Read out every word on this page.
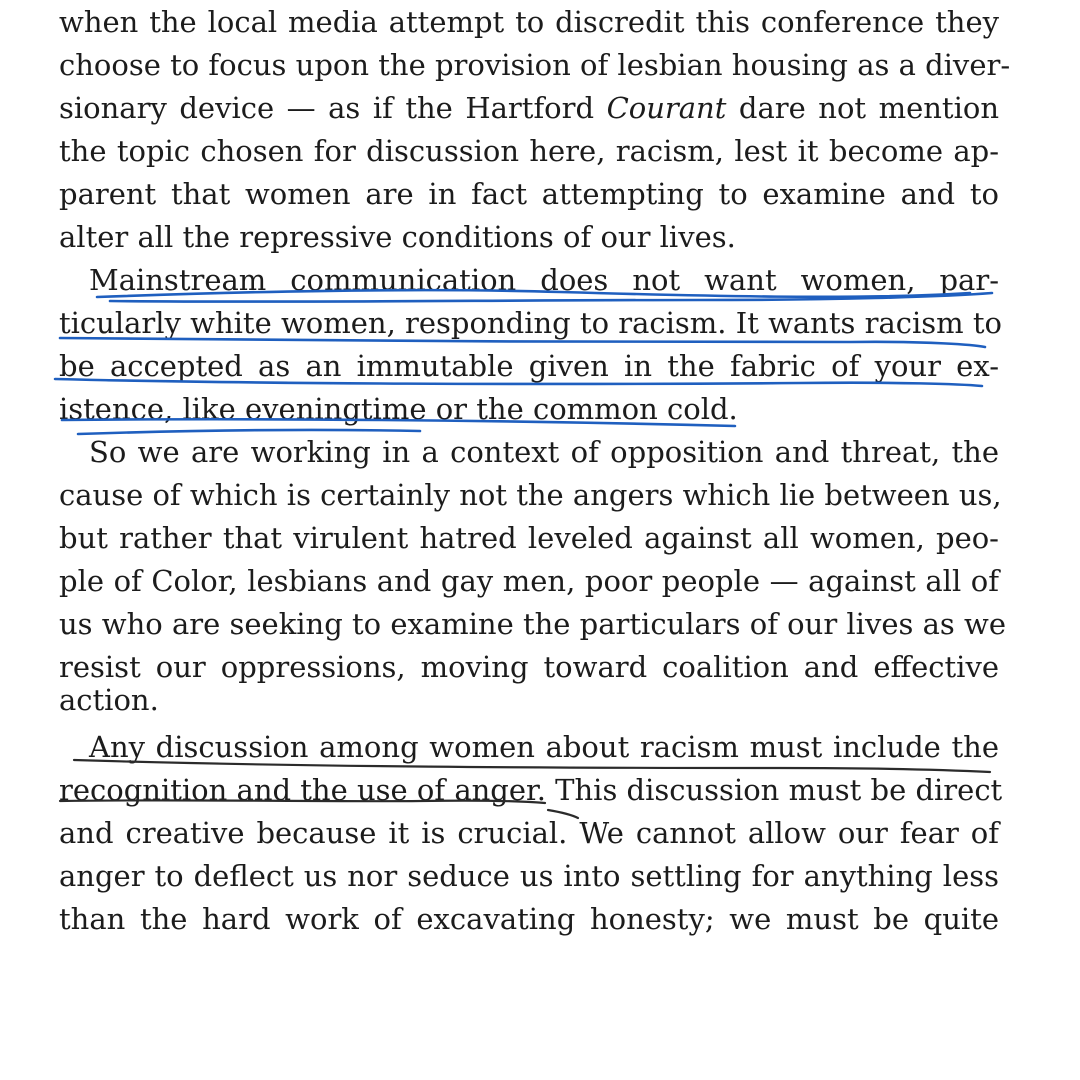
when the local media attempt to discredit this conference they

choose to focus upon the provision of lesbian housing as a diver-

sionary device — as if the Hartford Courant dare not mention

the topic chosen for discussion here, racism, lest it become ap-

parent that women are in fact attempting to examine and to

alter all the repressive conditions of our lives.

Mainstream communication does not want women, par-

ticularly white women, responding to racism. It wants racism to

be accepted as an immutable given in the fabric of your ex-

istence, like eveningtime or the common cold.

So we are working in a context of opposition and threat, the

cause of which is certainly not the angers which lie between us,

but rather that virulent hatred leveled against all women, peo-

ple of Color, lesbians and gay men, poor people — against all of

us who are seeking to examine the particulars of our lives as we

resist our oppressions, moving toward coalition and effective

action.

Any discussion among women about racism must include the

recognition and the use of anger. This discussion must be direct

and creative because it is crucial. We cannot allow our fear of

anger to deflect us nor seduce us into settling for anything less

than the hard work of excavating honesty; we must be quite
